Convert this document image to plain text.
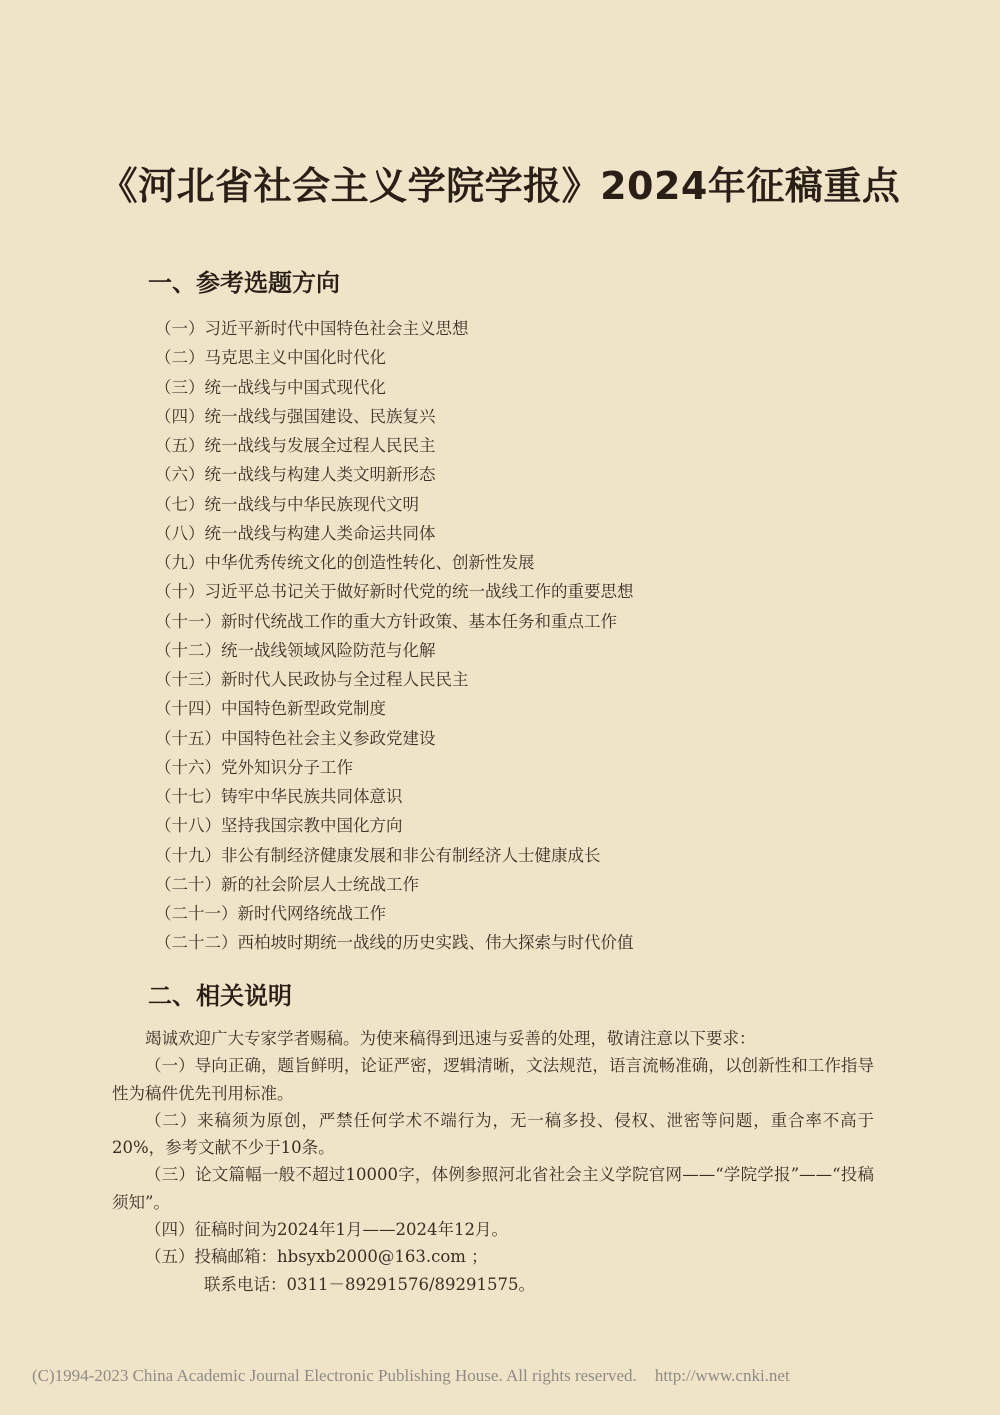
《河北省社会主义学院学报》2024年征稿重点
一、参考选题方向
（一）习近平新时代中国特色社会主义思想
（二）马克思主义中国化时代化
（三）统一战线与中国式现代化
（四）统一战线与强国建设、民族复兴
（五）统一战线与发展全过程人民民主
（六）统一战线与构建人类文明新形态
（七）统一战线与中华民族现代文明
（八）统一战线与构建人类命运共同体
（九）中华优秀传统文化的创造性转化、创新性发展
（十）习近平总书记关于做好新时代党的统一战线工作的重要思想
（十一）新时代统战工作的重大方针政策、基本任务和重点工作
（十二）统一战线领域风险防范与化解
（十三）新时代人民政协与全过程人民民主
（十四）中国特色新型政党制度
（十五）中国特色社会主义参政党建设
（十六）党外知识分子工作
（十七）铸牢中华民族共同体意识
（十八）坚持我国宗教中国化方向
（十九）非公有制经济健康发展和非公有制经济人士健康成长
（二十）新的社会阶层人士统战工作
（二十一）新时代网络统战工作
（二十二）西柏坡时期统一战线的历史实践、伟大探索与时代价值
二、相关说明

竭诚欢迎广大专家学者赐稿。为使来稿得到迅速与妥善的处理，敬请注意以下要求：

（一）导向正确，题旨鲜明，论证严密，逻辑清晰，文法规范，语言流畅准确，以创新性和工作指导性为稿件优先刊用标准。

（二）来稿须为原创，严禁任何学术不端行为，无一稿多投、侵权、泄密等问题，重合率不高于20%，参考文献不少于10条。

（三）论文篇幅一般不超过10000字，体例参照河北省社会主义学院官网——“学院学报”——“投稿须知”。

（四）征稿时间为2024年1月——2024年12月。

（五）投稿邮箱：hbsyxb2000@163.com ；

联系电话：0311－89291576/89291575。

(C)1994-2023 China Academic Journal Electronic Publishing House. All rights reserved. http://www.cnki.net
